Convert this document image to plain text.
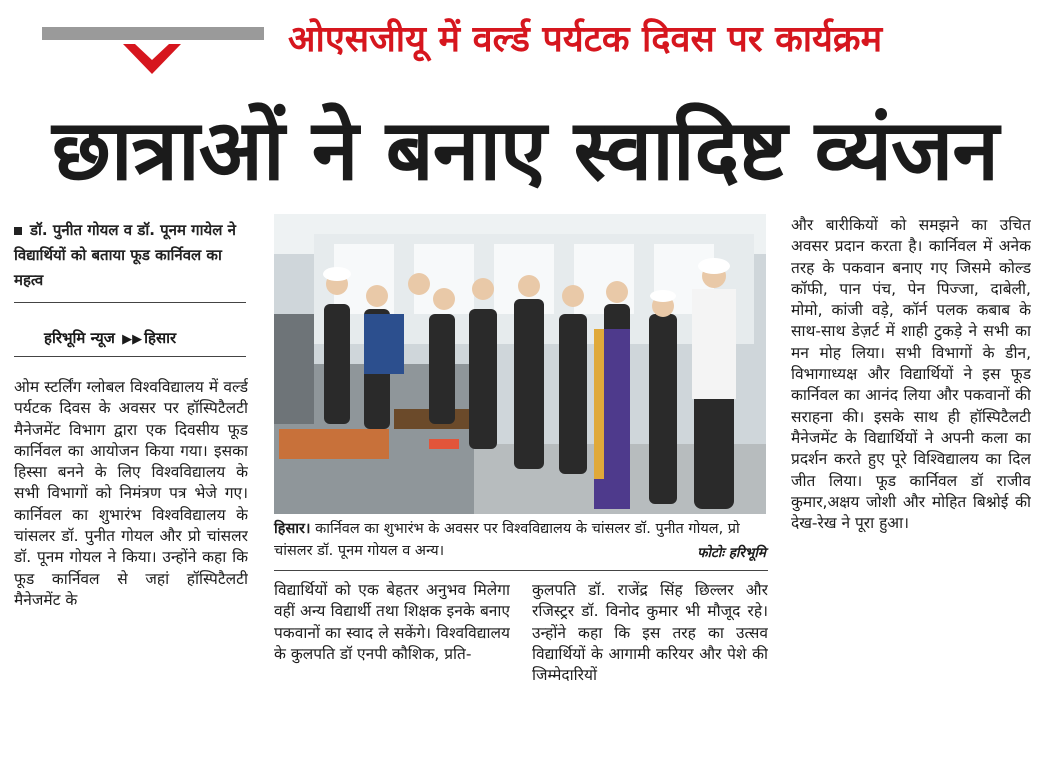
ओएसजीयू में वर्ल्ड पर्यटक दिवस पर कार्यक्रम
छात्राओं ने बनाए स्वादिष्ट व्यंजन
डॉ. पुनीत गोयल व डॉ. पूनम गायेल ने विद्यार्थियों को बताया फूड कार्निवल का महत्व
हरिभूमि न्यूज ▶▶ हिसार
ओम स्टर्लिंग ग्लोबल विश्वविद्यालय में वर्ल्ड पर्यटक दिवस के अवसर पर हॉस्पिटैलटी मैनेजमेंट विभाग द्वारा एक दिवसीय फूड कार्निवल का आयोजन किया गया। इसका हिस्सा बनने के लिए विश्वविद्यालय के सभी विभागों को निमंत्रण पत्र भेजे गए। कार्निवल का शुभारंभ विश्वविद्यालय के चांसलर डॉ. पुनीत गोयल और प्रो चांसलर डॉ. पूनम गोयल ने किया। उन्होंने कहा कि फूड कार्निवल से जहां हॉस्पिटैलटी मैनेजमेंट के
हिसार। कार्निवल का शुभारंभ के अवसर पर विश्वविद्यालय के चांसलर डॉ. पुनीत गोयल, प्रो चांसलर डॉ. पूनम गोयल व अन्य।	फोटोः हरिभूमि
विद्यार्थियों को एक बेहतर अनुभव मिलेगा वहीं अन्य विद्यार्थी तथा शिक्षक इनके बनाए पकवानों का स्वाद ले सकेंगे। विश्वविद्यालय के कुलपति डॉ एनपी कौशिक, प्रति-
कुलपति डॉ. राजेंद्र सिंह छिल्लर और रजिस्ट्रर डॉ. विनोद कुमार भी मौजूद रहे। उन्होंने कहा कि इस तरह का उत्सव विद्यार्थियों के आगामी करियर और पेशे की जिम्मेदारियों
और बारीकियों को समझने का उचित अवसर प्रदान करता है। कार्निवल में अनेक तरह के पकवान बनाए गए जिसमे कोल्ड कॉफी, पान पंच, पेन पिज्जा, दाबेली, मोमो, कांजी वड़े, कॉर्न पलक कबाब के साथ-साथ डेज़र्ट में शाही टुकड़े ने सभी का मन मोह लिया। सभी विभागों के डीन, विभागाध्यक्ष और विद्यार्थियों ने इस फूड कार्निवल का आनंद लिया और पकवानों की सराहना की। इसके साथ ही हॉस्पिटैलटी मैनेजमेंट के विद्यार्थियों ने अपनी कला का प्रदर्शन करते हुए पूरे विश्विद्यालय का दिल जीत लिया। फूड कार्निवल डॉ राजीव कुमार,अक्षय जोशी और मोहित बिश्नोई की देख-रेख ने पूरा हुआ।
